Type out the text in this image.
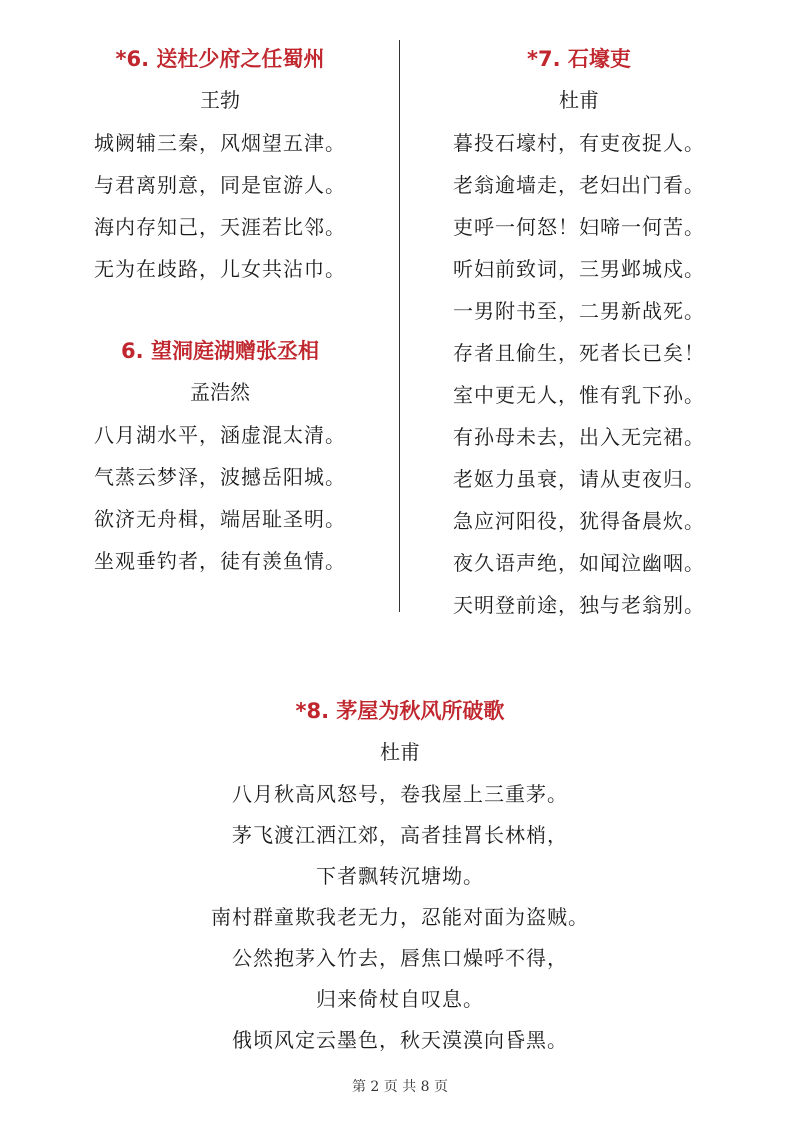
*6. 送杜少府之任蜀州
王勃
城阙辅三秦，风烟望五津。
与君离别意，同是宦游人。
海内存知己，天涯若比邻。
无为在歧路，儿女共沾巾。
6. 望洞庭湖赠张丞相
孟浩然
八月湖水平，涵虚混太清。
气蒸云梦泽，波撼岳阳城。
欲济无舟楫，端居耻圣明。
坐观垂钓者，徒有羡鱼情。
*7. 石壕吏
杜甫
暮投石壕村，有吏夜捉人。
老翁逾墙走，老妇出门看。
吏呼一何怒！妇啼一何苦。
听妇前致词，三男邺城戍。
一男附书至，二男新战死。
存者且偷生，死者长已矣！
室中更无人，惟有乳下孙。
有孙母未去，出入无完裙。
老妪力虽衰，请从吏夜归。
急应河阳役，犹得备晨炊。
夜久语声绝，如闻泣幽咽。
天明登前途，独与老翁别。
*8. 茅屋为秋风所破歌
杜甫
八月秋高风怒号，卷我屋上三重茅。
茅飞渡江洒江郊，高者挂罥长林梢，
下者飘转沉塘坳。
南村群童欺我老无力，忍能对面为盗贼。
公然抱茅入竹去，唇焦口燥呼不得，
归来倚杖自叹息。
俄顷风定云墨色，秋天漠漠向昏黑。
第 2 页 共 8 页
